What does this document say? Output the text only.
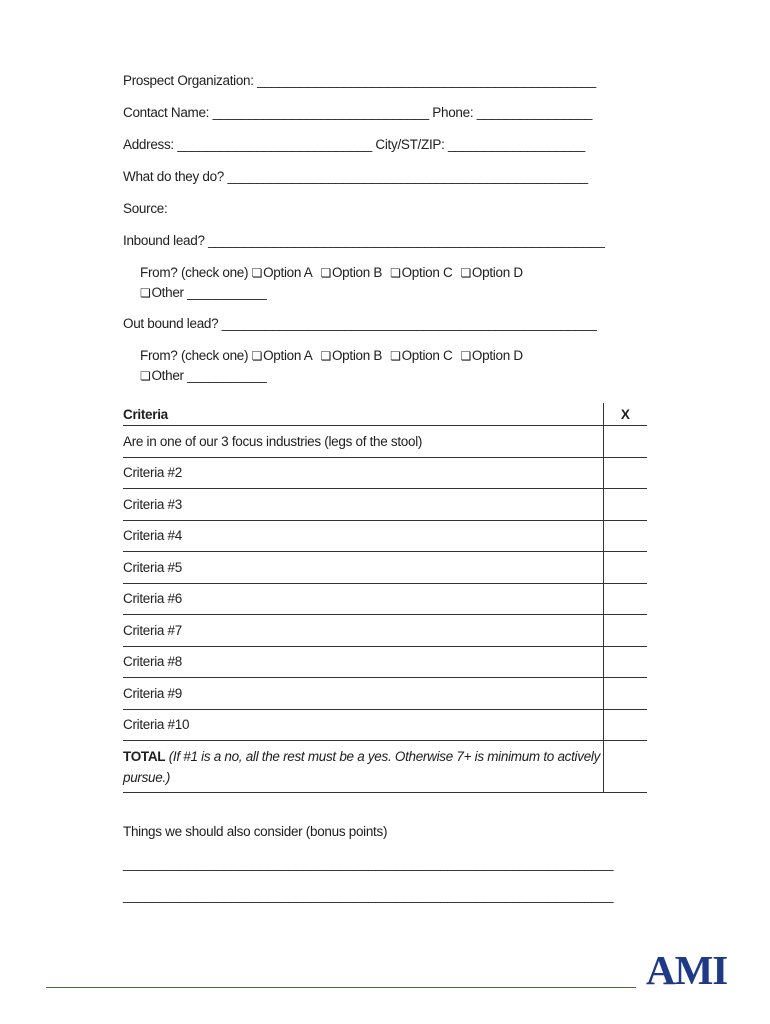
Prospect Organization: _______________________________________________
Contact Name: ______________________________ Phone: ________________
Address: ___________________________ City/ST/ZIP: ___________________
What do they do? __________________________________________________
Source:
Inbound lead? _______________________________________________________
From? (check one) ❏Option A ❏Option B ❏Option C ❏Option D
❏Other ___________
Out bound lead? ____________________________________________________
From? (check one) ❏Option A ❏Option B ❏Option C ❏Option D
❏Other ___________
Criteria	X
Are in one of our 3 focus industries (legs of the stool)	
Criteria #2	
Criteria #3	
Criteria #4	
Criteria #5	
Criteria #6	
Criteria #7	
Criteria #8	
Criteria #9	
Criteria #10	
TOTAL (If #1 is a no, all the rest must be a yes. Otherwise 7+ is minimum to actively pursue.)	
Things we should also consider (bonus points)
____________________________________________________________________
____________________________________________________________________
AMI
